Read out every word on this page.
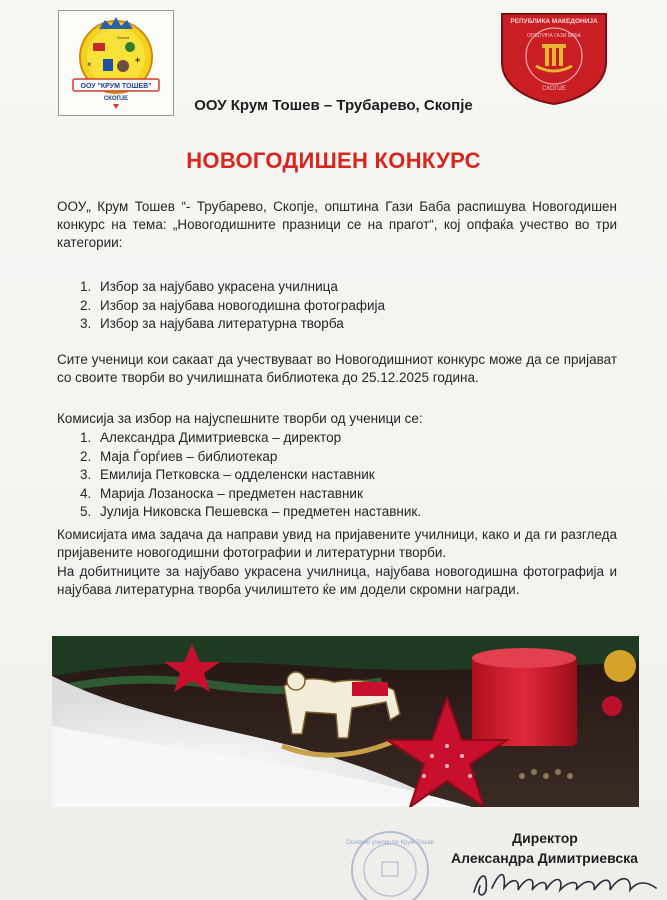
+
×
School
ООУ "КРУМ ТОШЕВ"
СКОПЈЕ
РЕПУБЛИКА МАКЕДОНИЈА
ОПШТИНА ГАЗИ БАБА
СКОПЈЕ
ООУ Крум Тошев – Трубарево, Скопје
НОВОГОДИШЕН КОНКУРС
ООУ„ Крум Тошев “- Трубарево, Скопје, општина Гази Баба распишува Новогодишен конкурс на тема: „Новогодишните празници се на прагот“, кој опфаќа учество во три категории:
1. Избор за најубаво украсена училница
2. Избор за најубава новогодишна фотографија
3. Избор за најубава литературна творба
Сите ученици кои сакаат да учествуваат во Новогодишниот конкурс може да се пријават со своите творби во училишната библиотека до 25.12.2025 година.
Комисија за избор на најуспешните творби од ученици се:
1. Александра Димитриевска – директор
2. Маја Ѓорѓиев – библиотекар
3. Емилија Петковска – одделенски наставник
4. Марија Лозаноска – предметен наставник
5. Јулија Никовска Пешевска – предметен наставник.
Комисијата има задача да направи увид на пријавените училници, како и да ги разгледа пријавените новогодишни фотографии и литературни творби.
На добитниците за најубаво украсена училница, најубава новогодишна фотографија и најубава литературна творба училиштето ќе им додели скромни награди.
Основно училиште Крум Тошев	Директор
Александра Димитриевска
